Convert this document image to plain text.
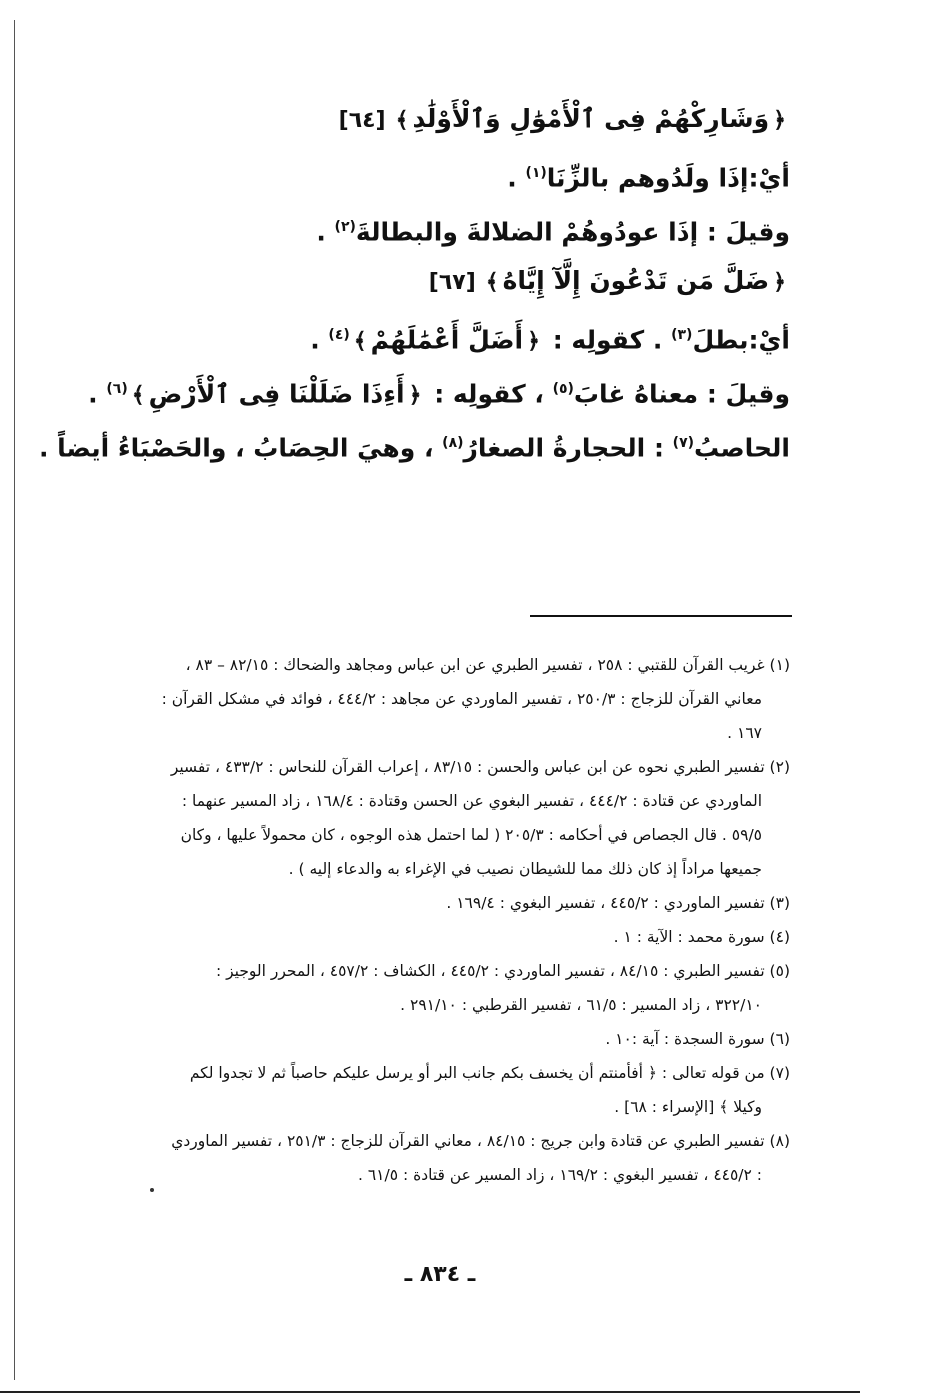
﴿وَشَارِكْهُمْ فِى ٱلْأَمْوَٰلِ وَٱلْأَوْلَٰدِ﴾[٦٤]
أيْ:إذَا ولَدُوهم بالزِّنَا$^{(١)}$ .
وقيلَ : إذَا عودُوهُمْ الضلالةَ والبطالةَ$^{(٢)}$ .
﴿ضَلَّ مَن تَدْعُونَ إِلَّآ إِيَّاهُ﴾[٦٧]
أيْ:بطلَ$^{(٣)}$ . كقولِه : ﴿أَضَلَّ أَعْمَٰلَهُمْ﴾$^{(٤)}$ .
وقيلَ : معناهُ غابَ$^{(٥)}$ ، كقولِه : ﴿أَءِذَا ضَلَلْنَا فِى ٱلْأَرْضِ﴾$^{(٦)}$ .
الحاصبُ$^{(٧)}$ : الحجارةُ الصغارُ$^{(٨)}$ ، وهيَ الحِصَابُ ، والحَصْبَاءُ أيضاً .
(١) غريب القرآن للقتبي : ٢٥٨ ، تفسير الطبري عن ابن عباس ومجاهد والضحاك : ٨٢/١٥ – ٨٣ ،
معاني القرآن للزجاج : ٢٥٠/٣ ، تفسير الماوردي عن مجاهد : ٤٤٤/٢ ، فوائد في مشكل القرآن :
١٦٧ .
(٢) تفسير الطبري نحوه عن ابن عباس والحسن : ٨٣/١٥ ، إعراب القرآن للنحاس : ٤٣٣/٢ ، تفسير
الماوردي عن قتادة : ٤٤٤/٢ ، تفسير البغوي عن الحسن وقتادة : ١٦٨/٤ ، زاد المسير عنهما :
٥٩/٥ . قال الجصاص في أحكامه : ٢٠٥/٣ ( لما احتمل هذه الوجوه ، كان محمولاً عليها ، وكان
جميعها مراداً إذ كان ذلك مما للشيطان نصيب في الإغراء به والدعاء إليه ) .
(٣) تفسير الماوردي : ٤٤٥/٢ ، تفسير البغوي : ١٦٩/٤ .
(٤) سورة محمد : الآية : ١ .
(٥) تفسير الطبري : ٨٤/١٥ ، تفسير الماوردي : ٤٤٥/٢ ، الكشاف : ٤٥٧/٢ ، المحرر الوجيز :
٣٢٢/١٠ ، زاد المسير : ٦١/٥ ، تفسير القرطبي : ٢٩١/١٠ .
(٦) سورة السجدة : آية :١٠ .
(٧) من قوله تعالى : ﴿ أفأمنتم أن يخسف بكم جانب البر أو يرسل عليكم حاصباً ثم لا تجدوا لكم
وكيلا ﴾ [الإسراء : ٦٨] .
(٨) تفسير الطبري عن قتادة وابن جريج : ٨٤/١٥ ، معاني القرآن للزجاج : ٢٥١/٣ ، تفسير الماوردي
: ٤٤٥/٢ ، تفسير البغوي : ١٦٩/٢ ، زاد المسير عن قتادة : ٦١/٥ .
ـ ٨٣٤ ـ
